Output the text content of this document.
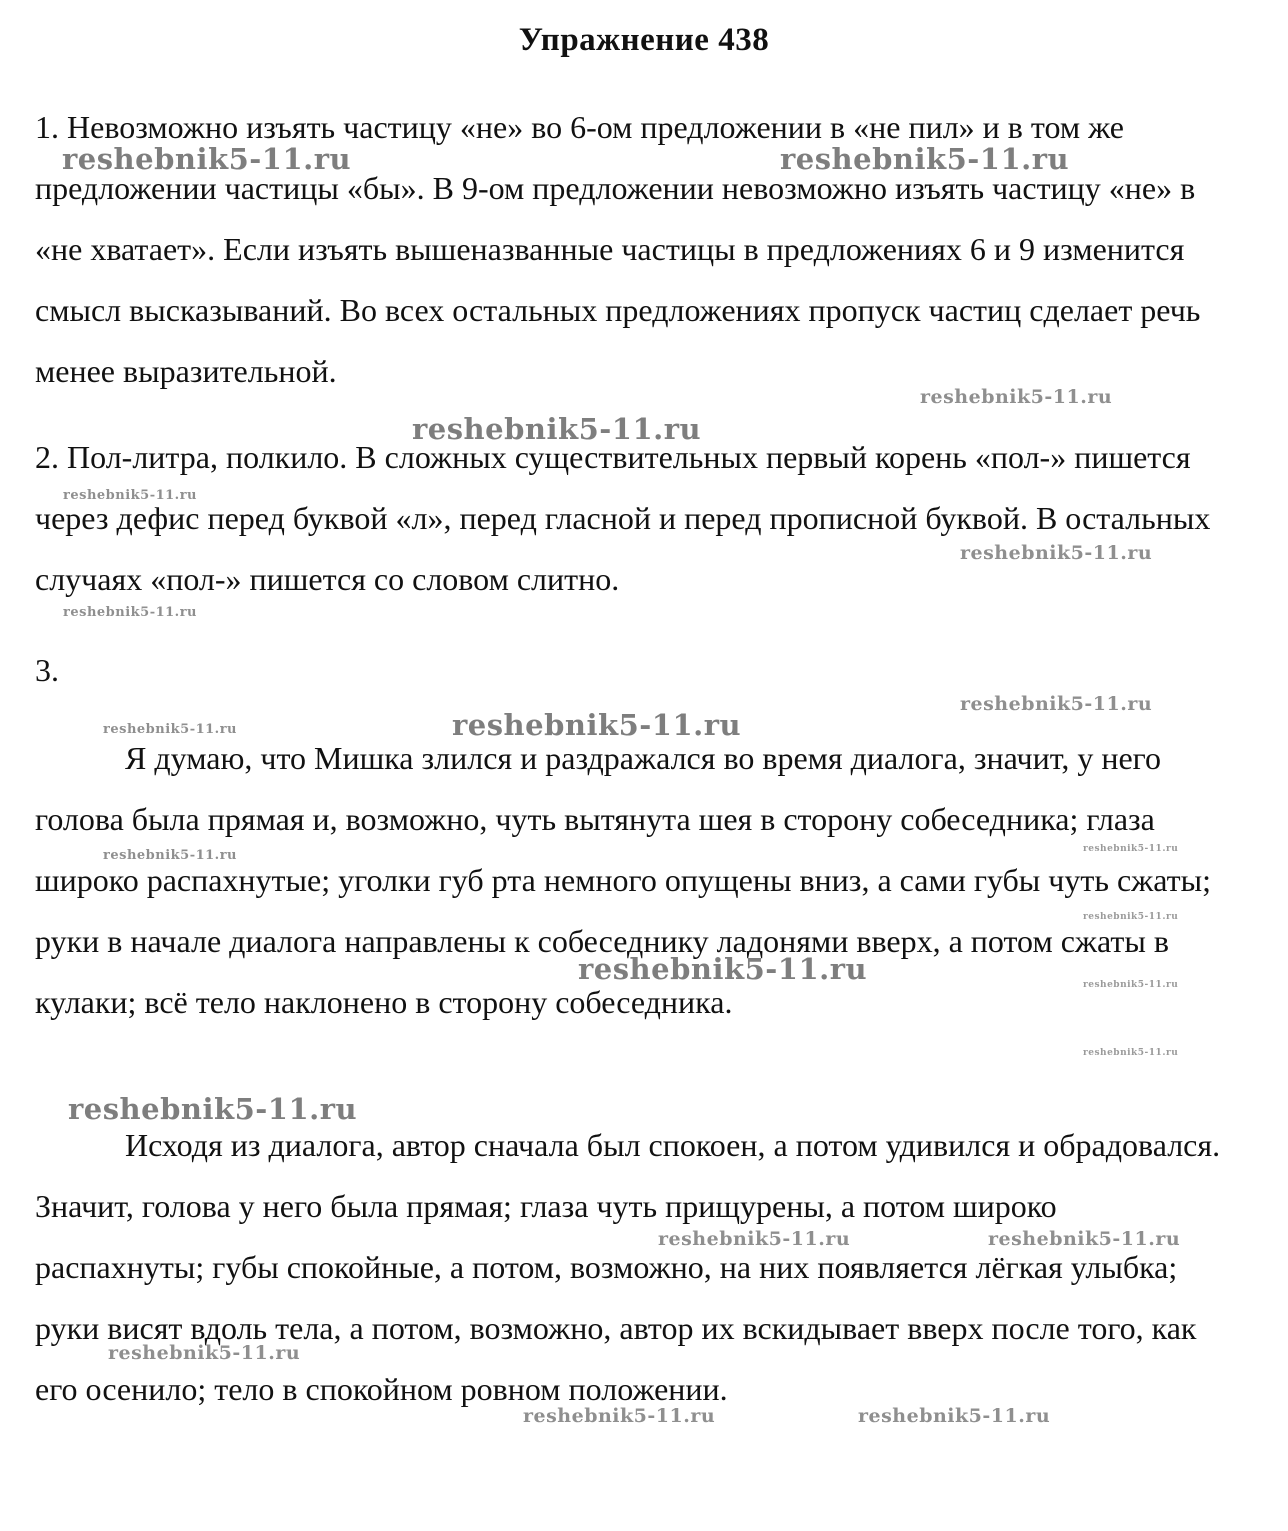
Упражнение 438

1. Невозможно изъять частицу «не» во 6-ом предложении в «не пил» и в том же предложении частицы «бы». В 9-ом предложении невозможно изъять частицу «не» в «не хватает». Если изъять вышеназванные частицы в предложениях 6 и 9 изменится смысл высказываний. Во всех остальных предложениях пропуск частиц сделает речь менее выразительной.

2. Пол-литра, полкило. В сложных существительных первый корень «пол-» пишется через дефис перед буквой «л», перед гласной и перед прописной буквой. В остальных случаях «пол-» пишется со словом слитно.

3.

Я думаю, что Мишка злился и раздражался во время диалога, значит, у него голова была прямая и, возможно, чуть вытянута шея в сторону собеседника; глаза широко распахнутые; уголки губ рта немного опущены вниз, а сами губы чуть сжаты; руки в начале диалога направлены к собеседнику ладонями вверх, а потом сжаты в кулаки; всё тело наклонено в сторону собеседника.

Исходя из диалога, автор сначала был спокоен, а потом удивился и обрадовался. Значит, голова у него была прямая; глаза чуть прищурены, а потом широко распахнуты; губы спокойные, а потом, возможно, на них появляется лёгкая улыбка; руки висят вдоль тела, а потом, возможно, автор их вскидывает вверх после того, как его осенило; тело в спокойном ровном положении.

reshebnik5-11.ru	reshebnik5-11.ru
reshebnik5-11.ru
reshebnik5-11.ru
reshebnik5-11.ru
reshebnik5-11.ru
reshebnik5-11.ru
reshebnik5-11.ru
reshebnik5-11.ru	reshebnik5-11.ru
reshebnik5-11.ru	reshebnik5-11.ru
reshebnik5-11.ru
reshebnik5-11.ru	reshebnik5-11.ru
reshebnik5-11.ru
reshebnik5-11.ru
reshebnik5-11.ru	reshebnik5-11.ru
reshebnik5-11.ru
reshebnik5-11.ru	reshebnik5-11.ru
